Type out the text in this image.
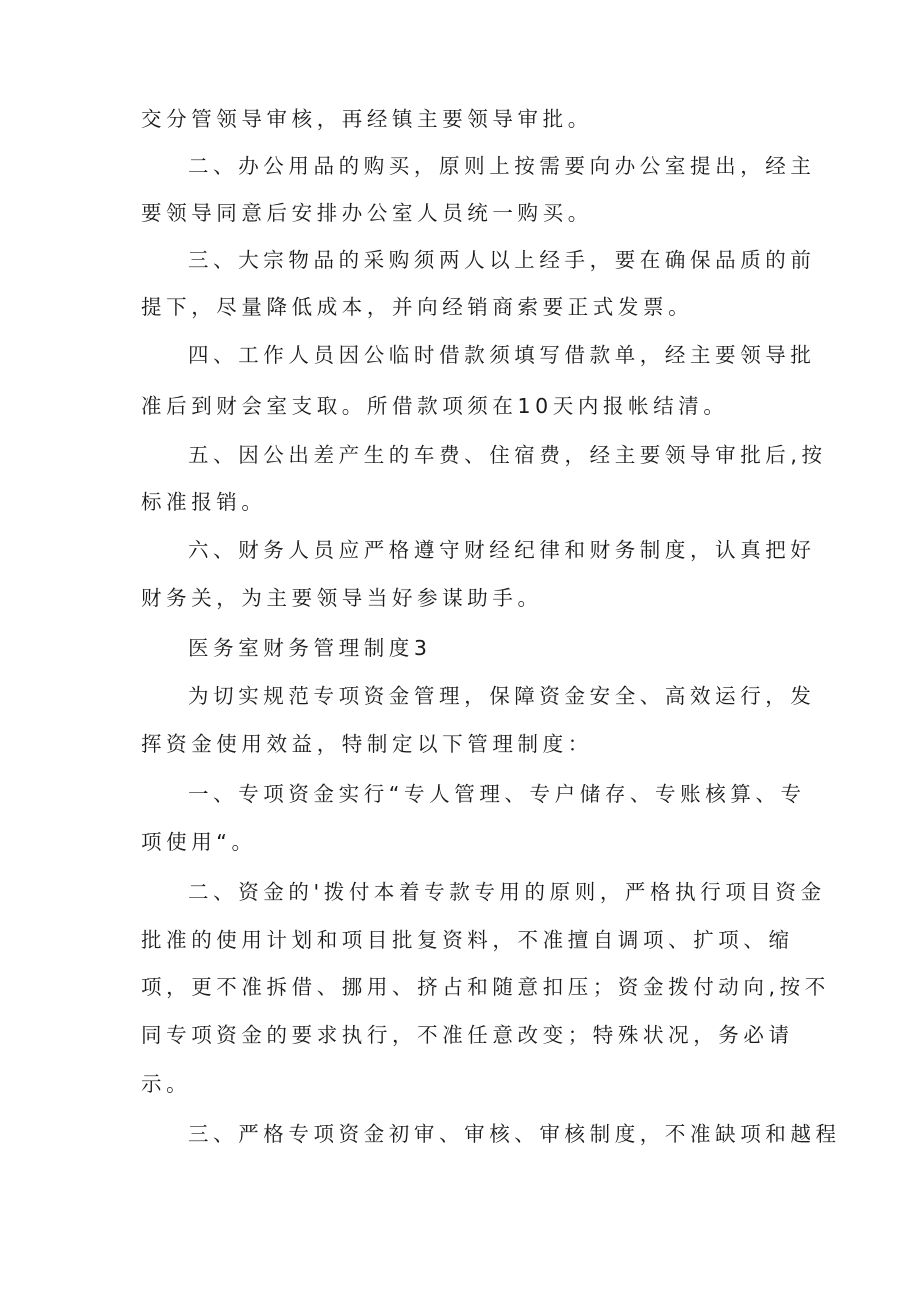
交分管领导审核，再经镇主要领导审批。
二、办公用品的购买，原则上按需要向办公室提出，经主
要领导同意后安排办公室人员统一购买。
三、大宗物品的采购须两人以上经手，要在确保品质的前
提下，尽量降低成本，并向经销商索要正式发票。
四、工作人员因公临时借款须填写借款单，经主要领导批
准后到财会室支取。所借款项须在10天内报帐结清。
五、因公出差产生的车费、住宿费，经主要领导审批后,按
标准报销。
六、财务人员应严格遵守财经纪律和财务制度，认真把好
财务关，为主要领导当好参谋助手。
医务室财务管理制度3
为切实规范专项资金管理，保障资金安全、高效运行，发
挥资金使用效益，特制定以下管理制度：
一、专项资金实行“专人管理、专户储存、专账核算、专
项使用“。
二、资金的'拨付本着专款专用的原则，严格执行项目资金
批准的使用计划和项目批复资料，不准擅自调项、扩项、缩
项，更不准拆借、挪用、挤占和随意扣压；资金拨付动向,按不
同专项资金的要求执行，不准任意改变；特殊状况，务必请
示。
三、严格专项资金初审、审核、审核制度，不准缺项和越程
